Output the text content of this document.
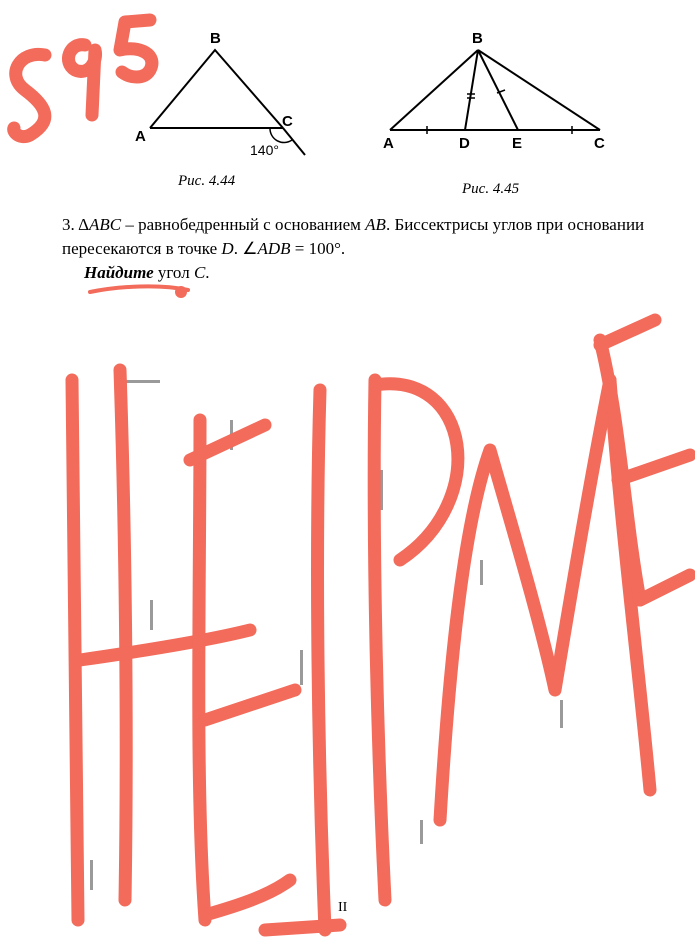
B
A
C
140°
Рис. 4.44
B
A	D	E	C
Рис. 4.45
3. ΔABC – равнобедренный с основанием AB. Биссектрисы углов при основании пересекаются в точке D. ∠ADB = 100°.
Найдите угол C.
II
